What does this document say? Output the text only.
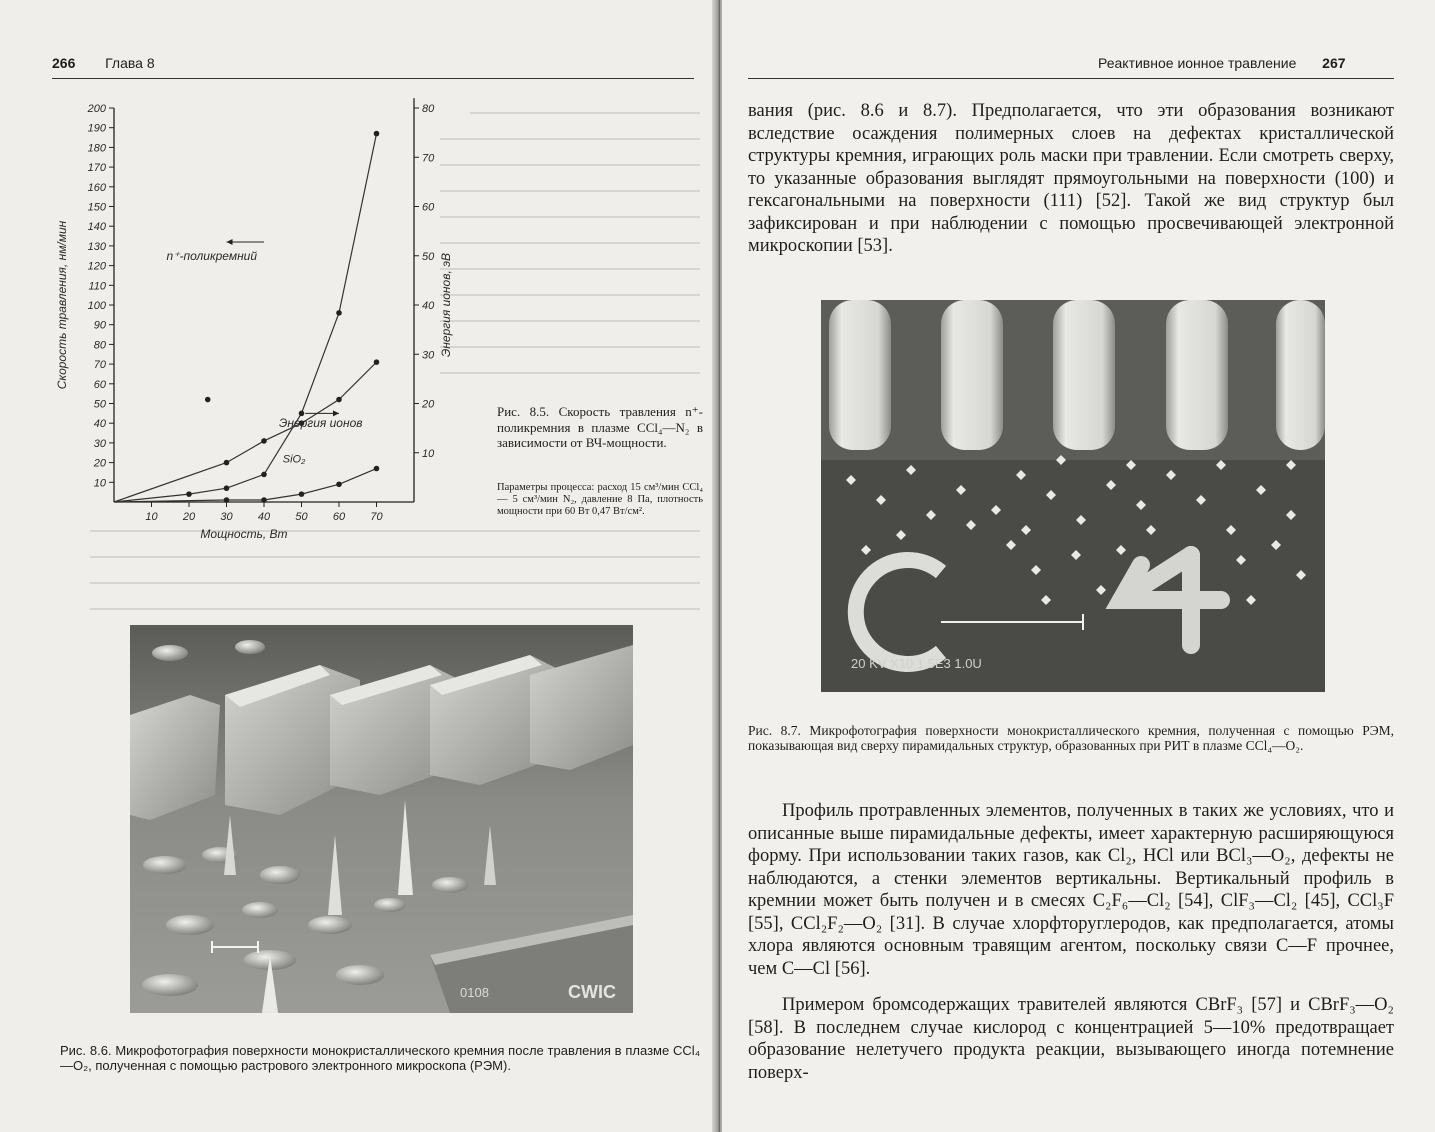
266 Глава 8
10
20
30
40
50
60
70
80
90
100
110
120
130
140
150
160
170
180
190
200
10
20
30
40
50
60
70
80
10 20 30 40 50 60 70
Скорость травления, нм/мин	Энергия ионов, эВ
Мощность, Вт
n⁺-поликремний
Энергия ионов
SiO₂
Рис. 8.5. Скорость травления n⁺-поликремния в плазме CCl₄—N₂ в зависимости от ВЧ-мощности.
Параметры процесса: расход 15 см³/мин CCl₄ — 5 см³/мин N₂, давление 8 Па, плотность мощности при 60 Вт 0,47 Вт/см².
0108	CWIC
Рис. 8.6. Микрофотография поверхности монокристаллического кремния после травления в плазме CCl₄—O₂, полученная с помощью растрового электронного микроскопа (РЭМ).
Реактивное ионное травление 267

вания (рис. 8.6 и 8.7). Предполагается, что эти образования возникают вследствие осаждения полимерных слоев на дефектах кристаллической структуры кремния, играющих роль маски при травлении. Если смотреть сверху, то указанные образования выглядят прямоугольными на поверхности (100) и гексагональными на поверхности (111) [52]. Такой же вид структур был зафиксирован и при наблюдении с помощью просвечивающей электронной микроскопии [53].

20 KV X10 1.5E3 1.0U
Рис. 8.7. Микрофотография поверхности монокристаллического кремния, полученная с помощью РЭМ, показывающая вид сверху пирамидальных структур, образованных при РИТ в плазме CCl₄—O₂.

Профиль протравленных элементов, полученных в таких же условиях, что и описанные выше пирамидальные дефекты, имеет характерную расширяющуюся форму. При использовании таких газов, как Cl₂, HCl или BCl₃—O₂, дефекты не наблюдаются, а стенки элементов вертикальны. Вертикальный профиль в кремнии может быть получен и в смесях C₂F₆—Cl₂ [54], ClF₃—Cl₂ [45], CCl₃F [55], CCl₂F₂—O₂ [31]. В случае хлорфторуглеродов, как предполагается, атомы хлора являются основным травящим агентом, поскольку связи C—F прочнее, чем C—Cl [56].

Примером бромсодержащих травителей являются CBrF₃ [57] и CBrF₃—O₂ [58]. В последнем случае кислород с концентрацией 5—10% предотвращает образование нелетучего продукта реакции, вызывающего иногда потемнение поверх-
